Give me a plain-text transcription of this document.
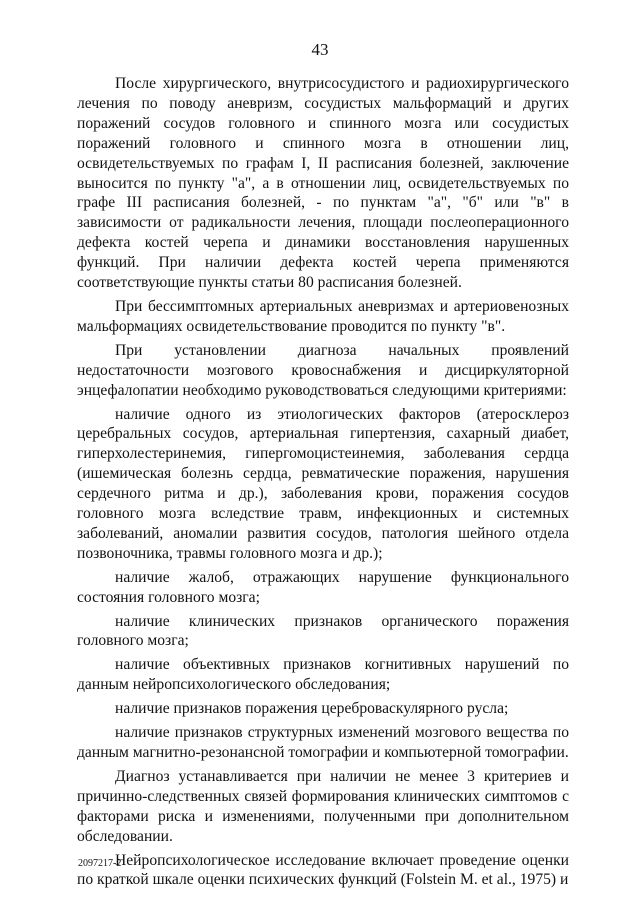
43

После хирургического, внутрисосудистого и радиохирургического лечения по поводу аневризм, сосудистых мальформаций и других поражений сосудов головного и спинного мозга или сосудистых поражений головного и спинного мозга в отношении лиц, освидетельствуемых по графам I, II расписания болезней, заключение выносится по пункту "а", а в отношении лиц, освидетельствуемых по графе III расписания болезней, - по пунктам "а", "б" или "в" в зависимости от радикальности лечения, площади послеоперационного дефекта костей черепа и динамики восстановления нарушенных функций. При наличии дефекта костей черепа применяются соответствующие пункты статьи 80 расписания болезней.

При бессимптомных артериальных аневризмах и артериовенозных мальформациях освидетельствование проводится по пункту "в".

При установлении диагноза начальных проявлений недостаточности мозгового кровоснабжения и дисциркуляторной энцефалопатии необходимо руководствоваться следующими критериями:

наличие одного из этиологических факторов (атеросклероз церебральных сосудов, артериальная гипертензия, сахарный диабет, гиперхолестеринемия, гипергомоцистеинемия, заболевания сердца (ишемическая болезнь сердца, ревматические поражения, нарушения сердечного ритма и др.), заболевания крови, поражения сосудов головного мозга вследствие травм, инфекционных и системных заболеваний, аномалии развития сосудов, патология шейного отдела позвоночника, травмы головного мозга и др.);

наличие жалоб, отражающих нарушение функционального состояния головного мозга;

наличие клинических признаков органического поражения головного мозга;

наличие объективных признаков когнитивных нарушений по данным нейропсихологического обследования;

наличие признаков поражения цереброваскулярного русла;

наличие признаков структурных изменений мозгового вещества по данным магнитно-резонансной томографии и компьютерной томографии.

Диагноз устанавливается при наличии не менее 3 критериев и причинно-следственных связей формирования клинических симптомов с факторами риска и изменениями, полученными при дополнительном обследовании.

Нейропсихологическое исследование включает проведение оценки по краткой шкале оценки психических функций (Folstein M. et al., 1975) и

2097217-2
